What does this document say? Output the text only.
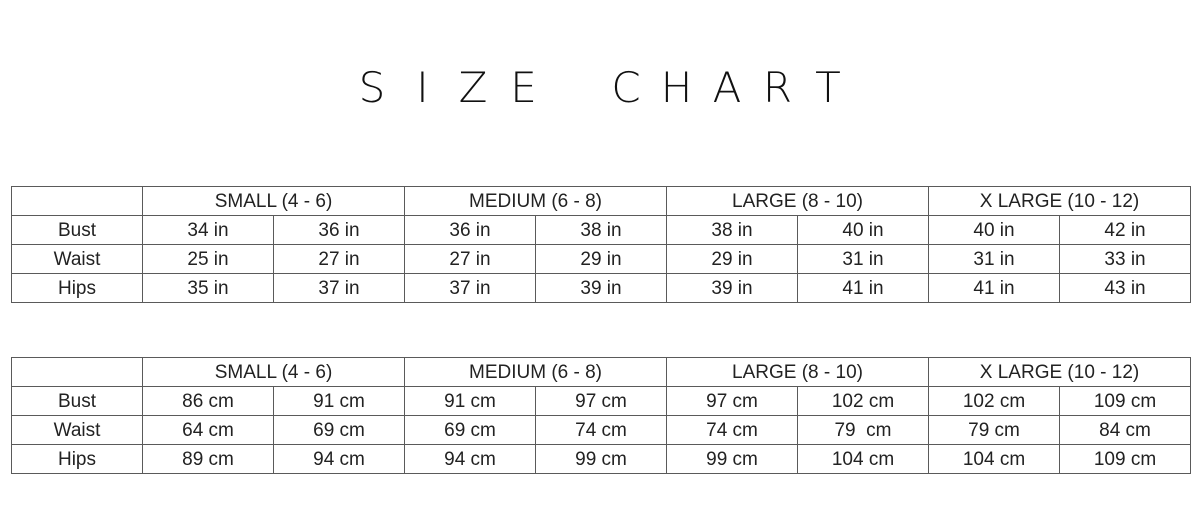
S I Z E C H A R T
	SMALL (4 - 6)		MEDIUM (6 - 8)		LARGE (8 - 10)		X LARGE (10 - 12)	
Bust	34 in	36 in	36 in	38 in	38 in	40 in	40 in	42 in
Waist	25 in	27 in	27 in	29 in	29 in	31 in	31 in	33 in
Hips	35 in	37 in	37 in	39 in	39 in	41 in	41 in	43 in
	SMALL (4 - 6)		MEDIUM (6 - 8)		LARGE (8 - 10)		X LARGE (10 - 12)	
Bust	86 cm	91 cm	91 cm	97 cm	97 cm	102 cm	102 cm	109 cm
Waist	64 cm	69 cm	69 cm	74 cm	74 cm	79  cm	79 cm	84 cm
Hips	89 cm	94 cm	94 cm	99 cm	99 cm	104 cm	104 cm	109 cm
